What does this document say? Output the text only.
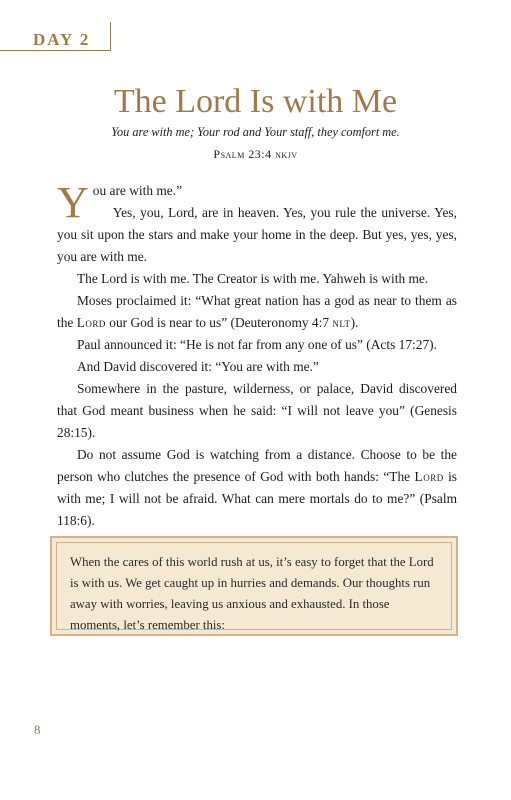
DAY 2
The Lord Is with Me
You are with me; Your rod and Your staff, they comfort me.
Psalm 23:4 nkjv

You are with me.”

Yes, you, Lord, are in heaven. Yes, you rule the universe. Yes, you sit upon the stars and make your home in the deep. But yes, yes, yes, you are with me.

The Lord is with me. The Creator is with me. Yahweh is with me.

Moses proclaimed it: “What great nation has a god as near to them as the Lord our God is near to us” (Deuteronomy 4:7 nlt).

Paul announced it: “He is not far from any one of us” (Acts 17:27).

And David discovered it: “You are with me.”

Somewhere in the pasture, wilderness, or palace, David discovered that God meant business when he said: “I will not leave you” (Genesis 28:15).

Do not assume God is watching from a distance. Choose to be the person who clutches the presence of God with both hands: “The Lord is with me; I will not be afraid. What can mere mortals do to me?” (Psalm 118:6).

When the cares of this world rush at us, it’s easy to forget that the Lord is with us. We get caught up in hurries and demands. Our thoughts run away with worries, leaving us anxious and exhausted. In those moments, let’s remember this:
8
